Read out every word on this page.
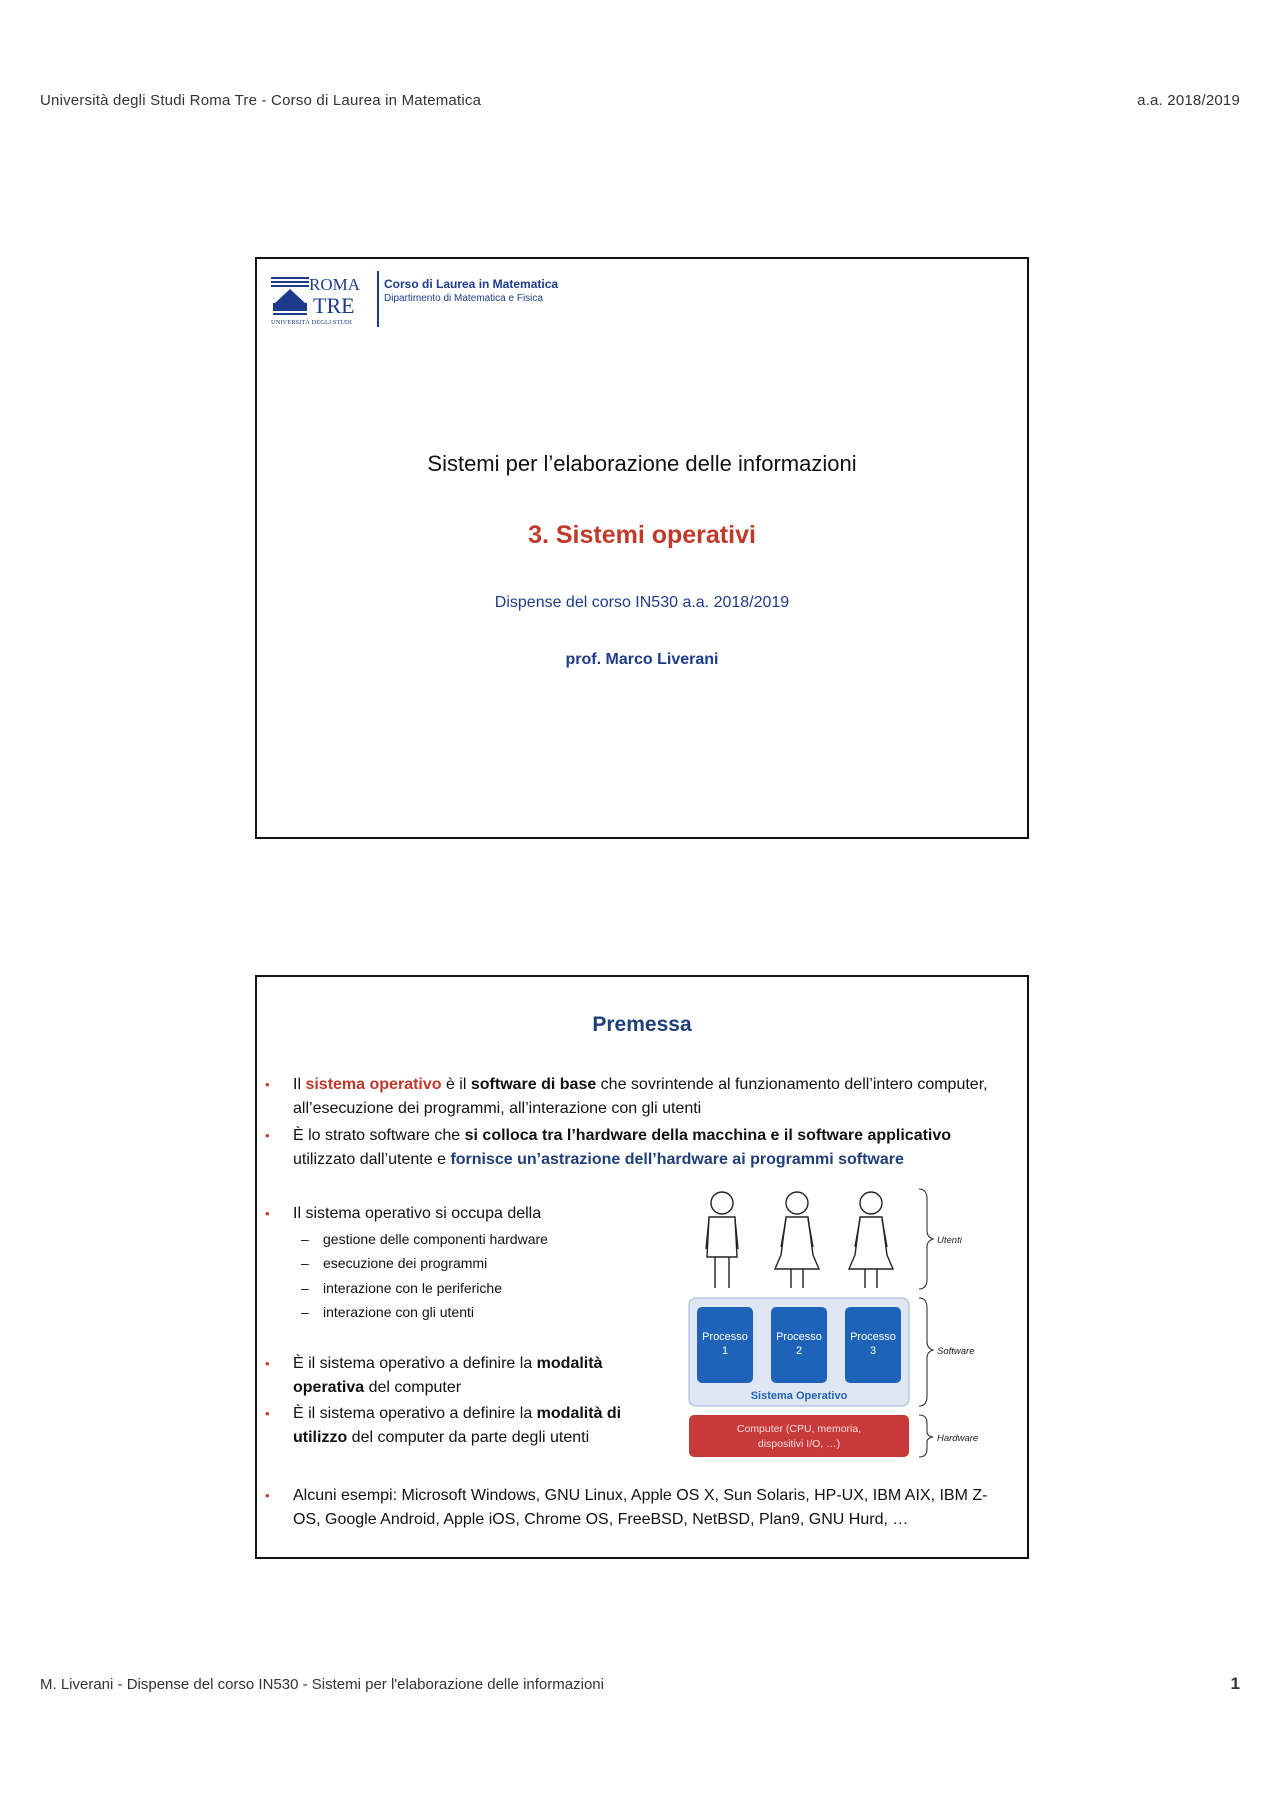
Università degli Studi Roma Tre - Corso di Laurea in Matematica	a.a. 2018/2019
ROMA
TRE
UNIVERSITÀ DEGLI STUDI
Corso di Laurea in Matematica
Dipartimento di Matematica e Fisica
Sistemi per l’elaborazione delle informazioni
3. Sistemi operativi
Dispense del corso IN530 a.a. 2018/2019
prof. Marco Liverani
Premessa
•	Il sistema operativo è il software di base che sovrintende al funzionamento dell’intero computer, all’esecuzione dei programmi, all’interazione con gli utenti
•	È lo strato software che si colloca tra l’hardware della macchina e il software applicativo utilizzato dall’utente e fornisce un’astrazione dell’hardware ai programmi software
•	Il sistema operativo si occupa della
– gestione delle componenti hardware
– esecuzione dei programmi
– interazione con le periferiche
– interazione con gli utenti
•	È il sistema operativo a definire la modalità operativa del computer
•	È il sistema operativo a definire la modalità di utilizzo del computer da parte degli utenti
•	Alcuni esempi: Microsoft Windows, GNU Linux, Apple OS X, Sun Solaris, HP-UX, IBM AIX, IBM Z-OS, Google Android, Apple iOS, Chrome OS, FreeBSD, NetBSD, Plan9, GNU Hurd, …
Processo
1
Processo
2
Processo
3
Sistema Operativo
Computer (CPU, memoria,
dispositivi I/O, …)
Utenti
Software
Hardware
M. Liverani - Dispense del corso IN530 - Sistemi per l'elaborazione delle informazioni	1
